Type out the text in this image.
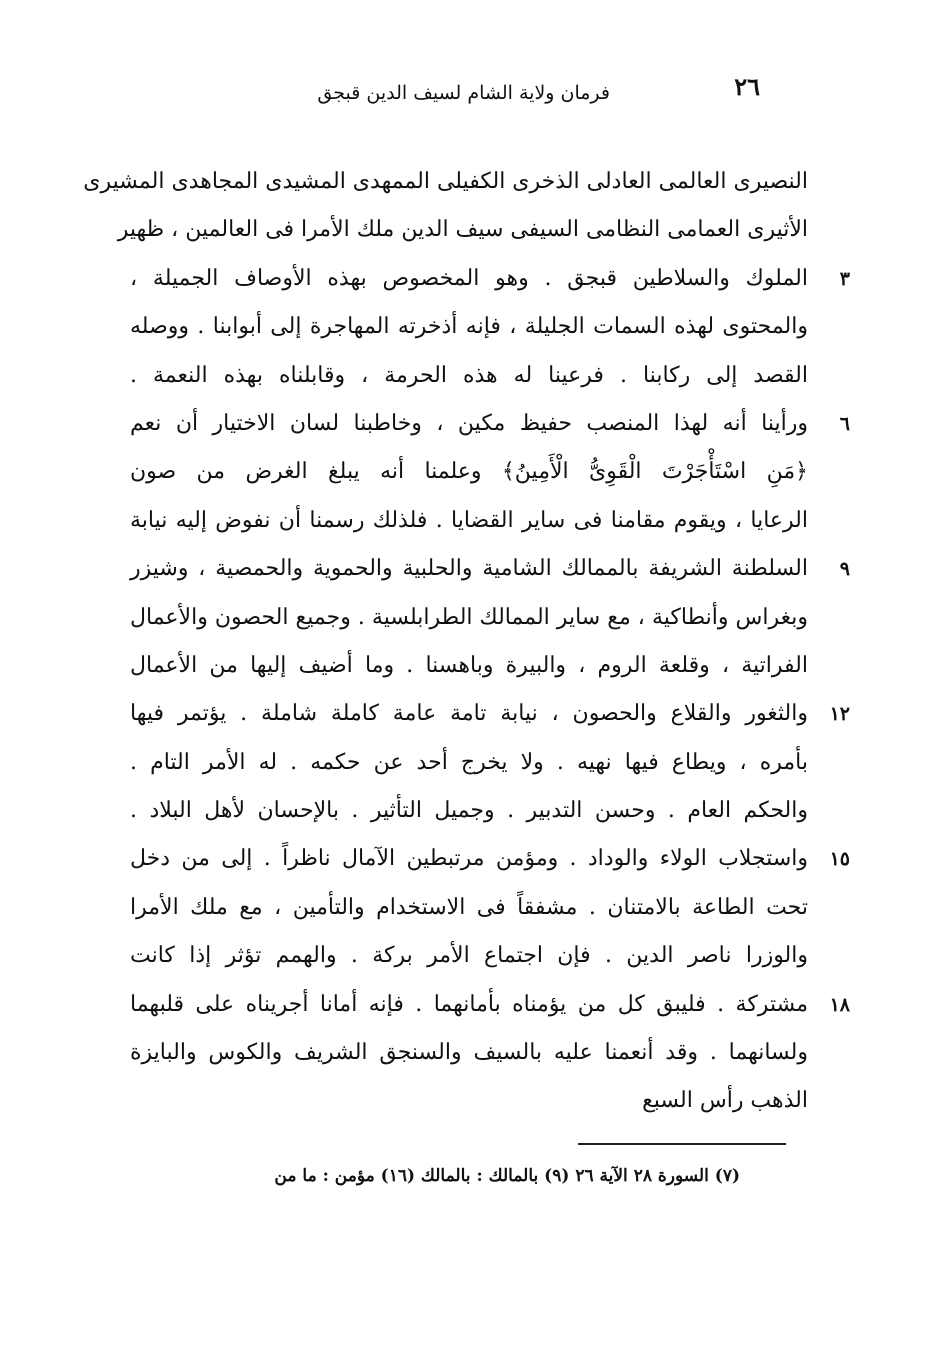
٢٦
فرمان ولاية الشام لسيف الدين قبجق
النصيرى العالمى العادلى الذخرى الكفيلى الممهدى المشيدى المجاهدى المشيرى
الأثيرى العمامى النظامى السيفى سيف الدين ملك الأمرا فى العالمين ، ظهير
٣
الملوك والسلاطين قبجق . وهو المخصوص بهذه الأوصاف الجميلة ،
والمحتوى لهذه السمات الجليلة ، فإنه أذخرته المهاجرة إلى أبوابنا . ووصله
القصد إلى ركابنا . فرعينا له هذه الحرمة ، وقابلناه بهذه النعمة .
٦
ورأينا أنه لهذا المنصب حفيظ مكين ، وخاطبنا لسان الاختيار أن نعم
﴿مَنِ اسْتَأْجَرْتَ الْقَوِىُّ الْأَمِينُ﴾ وعلمنا أنه يبلغ الغرض من صون
الرعايا ، ويقوم مقامنا فى ساير القضايا . فلذلك رسمنا أن نفوض إليه نيابة
٩
السلطنة الشريفة بالممالك الشامية والحلبية والحموية والحمصية ، وشيزر
وبغراس وأنطاكية ، مع ساير الممالك الطرابلسية . وجميع الحصون والأعمال
الفراتية ، وقلعة الروم ، والبيرة وباهسنا . وما أضيف إليها من الأعمال
١٢
والثغور والقلاع والحصون ، نيابة تامة عامة كاملة شاملة . يؤتمر فيها
بأمره ، ويطاع فيها نهيه . ولا يخرج أحد عن حكمه . له الأمر التام .
والحكم العام . وحسن التدبير . وجميل التأثير . بالإحسان لأهل البلاد .
١٥
واستجلاب الولاء والوداد . ومؤمن مرتبطين الآمال ناظراً . إلى من دخل
تحت الطاعة بالامتنان . مشفقاً فى الاستخدام والتأمين ، مع ملك الأمرا
والوزرا ناصر الدين . فإن اجتماع الأمر بركة . والهمم تؤثر إذا كانت
١٨
مشتركة . فليبق كل من يؤمناه بأمانهما . فإنه أمانا أجريناه على قلبهما
ولسانهما . وقد أنعمنا عليه بالسيف والسنجق الشريف والكوس والبايزة
الذهب رأس السبع
(٧) السورة ٢٨ الآية ٢٦ (٩) بالمالك : بالمالك (١٦) مؤمن : ما من
